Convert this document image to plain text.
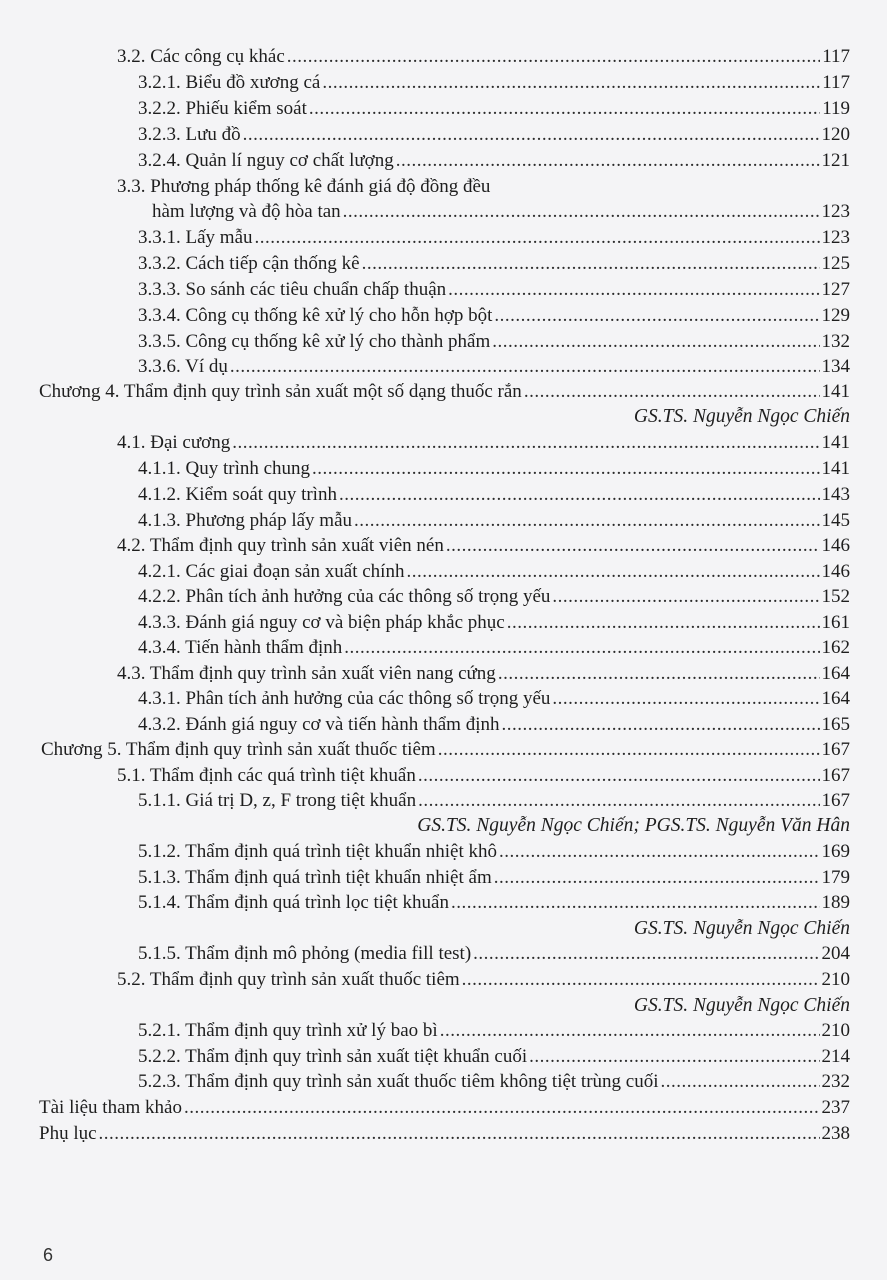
3.2. Các công cụ khác .....	117
3.2.1. Biểu đồ xương cá .....	117
3.2.2. Phiếu kiểm soát .....	119
3.2.3. Lưu đồ .....	120
3.2.4. Quản lí nguy cơ chất lượng .....	121
3.3. Phương pháp thống kê đánh giá độ đồng đều
hàm lượng và độ hòa tan .....	123
3.3.1. Lấy mẫu .....	123
3.3.2. Cách tiếp cận thống kê .....	125
3.3.3. So sánh các tiêu chuẩn chấp thuận .....	127
3.3.4. Công cụ thống kê xử lý cho hỗn hợp bột .....	129
3.3.5. Công cụ thống kê xử lý cho thành phẩm .....	132
3.3.6. Ví dụ .....	134
Chương 4. Thẩm định quy trình sản xuất một số dạng thuốc rắn .....	141
GS.TS. Nguyễn Ngọc Chiến
4.1. Đại cương .....	141
4.1.1. Quy trình chung .....	141
4.1.2. Kiểm soát quy trình .....	143
4.1.3. Phương pháp lấy mẫu .....	145
4.2. Thẩm định quy trình sản xuất viên nén .....	146
4.2.1. Các giai đoạn sản xuất chính .....	146
4.2.2. Phân tích ảnh hưởng của các thông số trọng yếu .....	152
4.3.3. Đánh giá nguy cơ và biện pháp khắc phục .....	161
4.3.4. Tiến hành thẩm định .....	162
4.3. Thẩm định quy trình sản xuất viên nang cứng .....	164
4.3.1. Phân tích ảnh hưởng của các thông số trọng yếu .....	164
4.3.2. Đánh giá nguy cơ và tiến hành thẩm định .....	165
Chương 5. Thẩm định quy trình sản xuất thuốc tiêm .....	167
5.1. Thẩm định các quá trình tiệt khuẩn .....	167
5.1.1. Giá trị D, z, F trong tiệt khuẩn .....	167
GS.TS. Nguyễn Ngọc Chiến; PGS.TS. Nguyễn Văn Hân
5.1.2. Thẩm định quá trình tiệt khuẩn nhiệt khô .....	169
5.1.3. Thẩm định quá trình tiệt khuẩn nhiệt ẩm .....	179
5.1.4. Thẩm định quá trình lọc tiệt khuẩn .....	189
GS.TS. Nguyễn Ngọc Chiến
5.1.5. Thẩm định mô phỏng (media fill test) .....	204
5.2. Thẩm định quy trình sản xuất thuốc tiêm .....	210
GS.TS. Nguyễn Ngọc Chiến
5.2.1. Thẩm định quy trình xử lý bao bì .....	210
5.2.2. Thẩm định quy trình sản xuất tiệt khuẩn cuối .....	214
5.2.3. Thẩm định quy trình sản xuất thuốc tiêm không tiệt trùng cuối .....	232
Tài liệu tham khảo .....	237
Phụ lục .....	238
6
